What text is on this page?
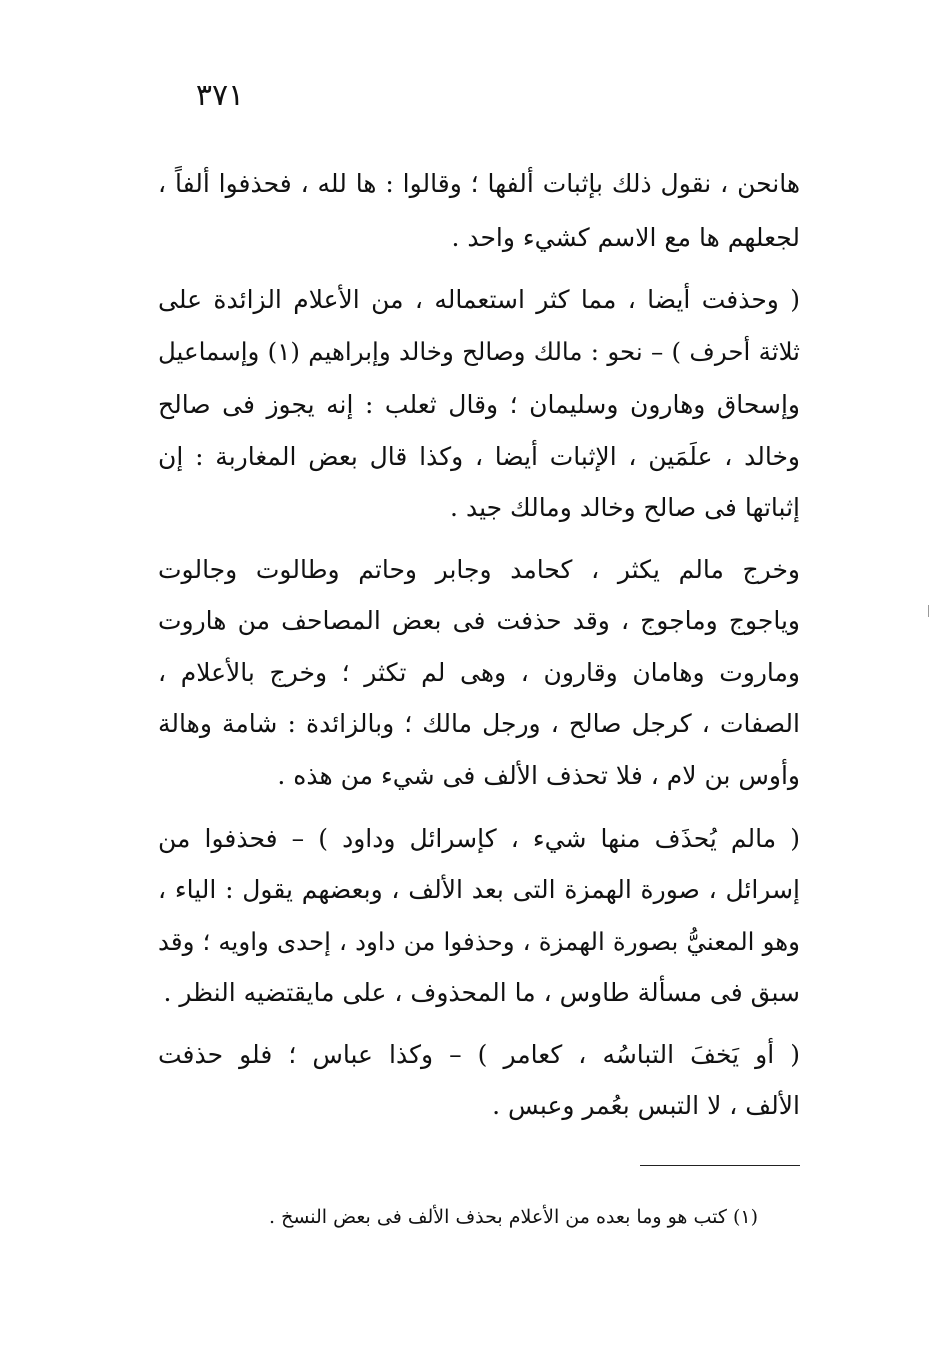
٣٧١
هانحن ، نقول ذلك بإثبات ألفها ؛ وقالوا : ها لله ، فحذفوا ألفاً ،
لجعلهم ها مع الاسم كشيء واحد .
( وحذفت أيضا ، مما كثر استعماله ، من الأعلام الزائدة على
ثلاثة أحرف ) – نحو : مالك وصالح وخالد وإبراهيم (١) وإسماعيل
وإسحاق وهارون وسليمان ؛ وقال ثعلب : إنه يجوز فى صالح
وخالد ، علَمَين ، الإثبات أيضا ، وكذا قال بعض المغاربة : إن
إثباتها فى صالح وخالد ومالك جيد .
وخرج مالم يكثر ، كحامد وجابر وحاتم وطالوت وجالوت
وياجوج وماجوج ، وقد حذفت فى بعض المصاحف من هاروت
وماروت وهامان وقارون ، وهى لم تكثر ؛ وخرج بالأعلام ،
الصفات ، كرجل صالح ، ورجل مالك ؛ وبالزائدة : شامة وهالة
وأوس بن لام ، فلا تحذف الألف فى شيء من هذه .
( مالم يُحذَف منها شيء ، كإسرائل وداود ) – فحذفوا من
إسرائل ، صورة الهمزة التى بعد الألف ، وبعضهم يقول : الياء ،
وهو المعنيُّ بصورة الهمزة ، وحذفوا من داود ، إحدى واويه ؛ وقد
سبق فى مسألة طاوس ، ما المحذوف ، على مايقتضيه النظر .
( أو يَخفَ التباسُه ، كعامر ) – وكذا عباس ؛ فلو حذفت
الألف ، لا التبس بعُمر وعبس .
(١) كتب هو وما بعده من الأعلام بحذف الألف فى بعض النسخ .
